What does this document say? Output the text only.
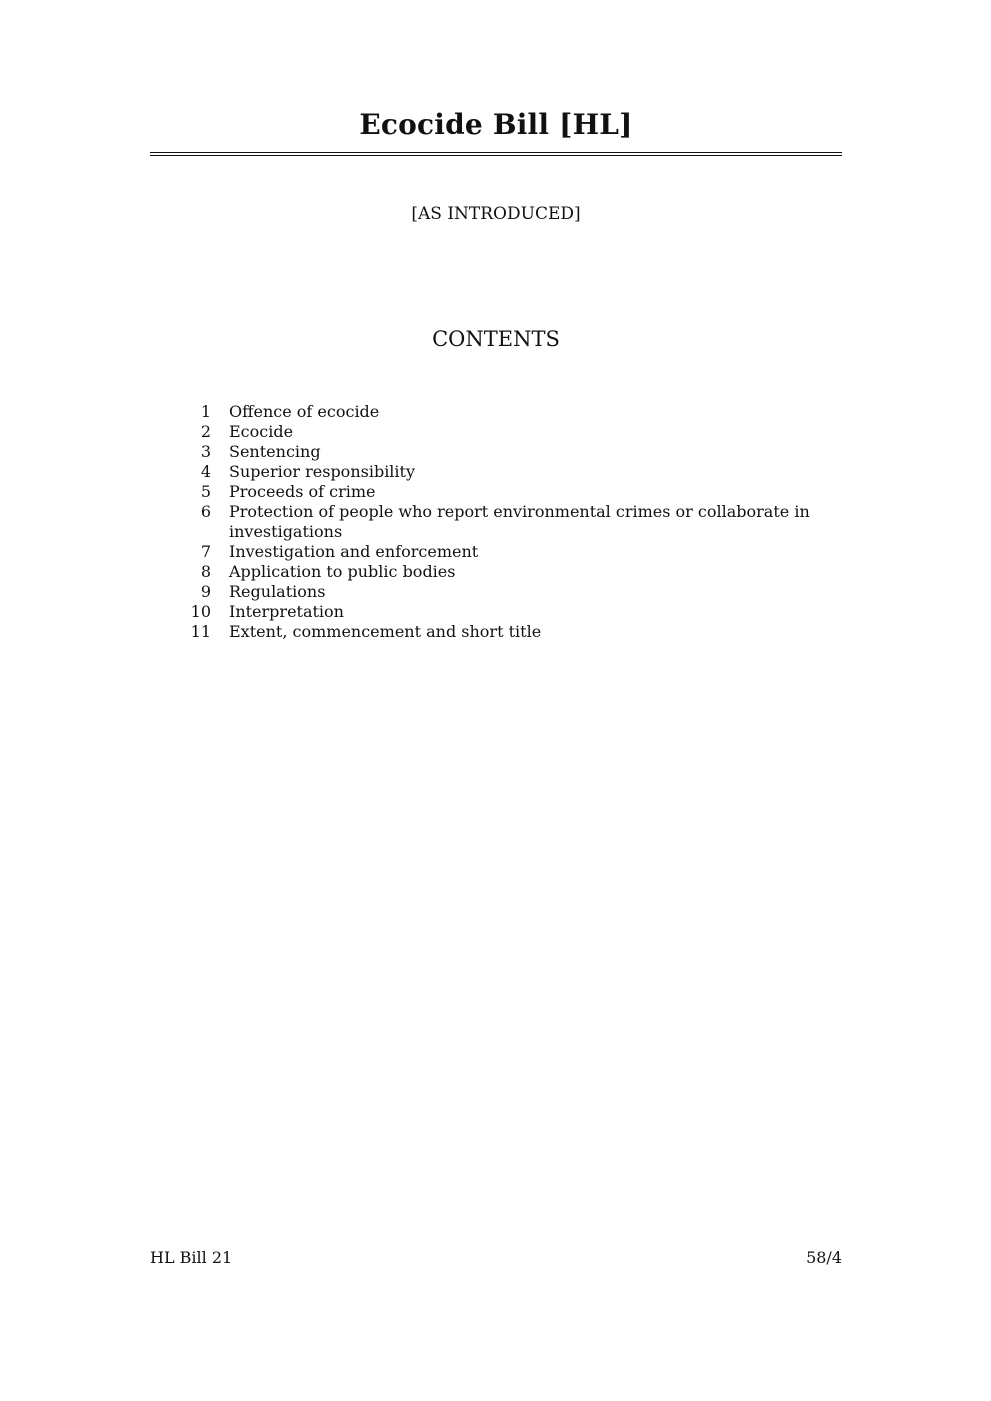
Ecocide Bill [HL]
[AS INTRODUCED]
CONTENTS
1	Offence of ecocide
2	Ecocide
3	Sentencing
4	Superior responsibility
5	Proceeds of crime
6	Protection of people who report environmental crimes or collaborate in investigations
7	Investigation and enforcement
8	Application to public bodies
9	Regulations
10	Interpretation
11	Extent, commencement and short title
HL Bill 21	58/4
